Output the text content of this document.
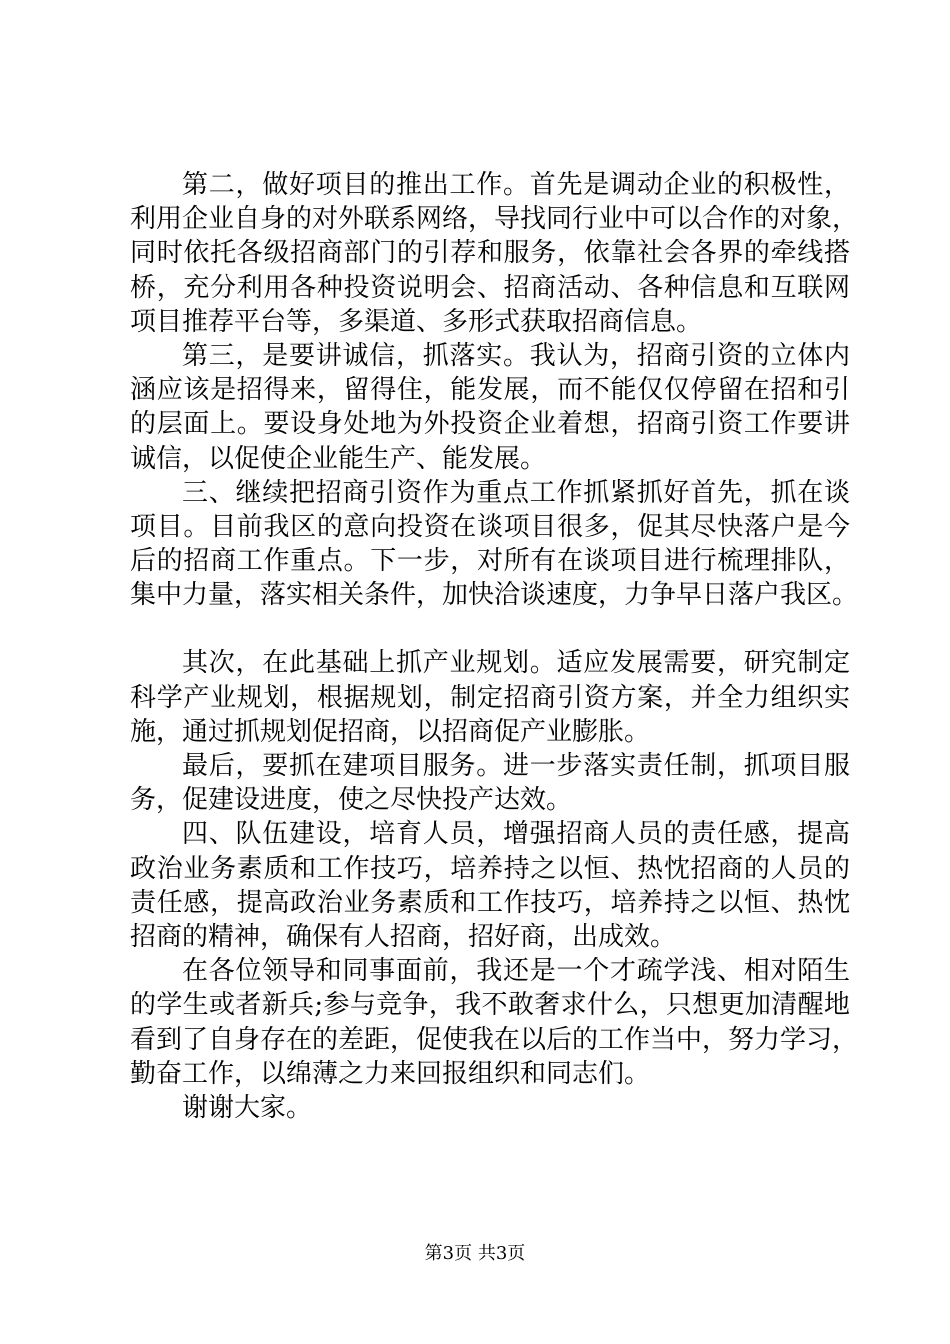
第二，做好项目的推出工作。首先是调动企业的积极性，
利用企业自身的对外联系网络，导找同行业中可以合作的对象，
同时依托各级招商部门的引荐和服务，依靠社会各界的牵线搭
桥，充分利用各种投资说明会、招商活动、各种信息和互联网
项目推荐平台等，多渠道、多形式获取招商信息。
第三，是要讲诚信，抓落实。我认为，招商引资的立体内
涵应该是招得来，留得住，能发展，而不能仅仅停留在招和引
的层面上。要设身处地为外投资企业着想，招商引资工作要讲
诚信，以促使企业能生产、能发展。
三、继续把招商引资作为重点工作抓紧抓好首先，抓在谈
项目。目前我区的意向投资在谈项目很多，促其尽快落户是今
后的招商工作重点。下一步，对所有在谈项目进行梳理排队，
集中力量，落实相关条件，加快洽谈速度，力争早日落户我区。
其次，在此基础上抓产业规划。适应发展需要，研究制定
科学产业规划，根据规划，制定招商引资方案，并全力组织实
施，通过抓规划促招商，以招商促产业膨胀。
最后，要抓在建项目服务。进一步落实责任制，抓项目服
务，促建设进度，使之尽快投产达效。
四、队伍建设，培育人员，增强招商人员的责任感，提高
政治业务素质和工作技巧，培养持之以恒、热忱招商的人员的
责任感，提高政治业务素质和工作技巧，培养持之以恒、热忱
招商的精神，确保有人招商，招好商，出成效。
在各位领导和同事面前，我还是一个才疏学浅、相对陌生
的学生或者新兵;参与竞争，我不敢奢求什么，只想更加清醒地
看到了自身存在的差距，促使我在以后的工作当中，努力学习，
勤奋工作，以绵薄之力来回报组织和同志们。
谢谢大家。
第3页 共3页
